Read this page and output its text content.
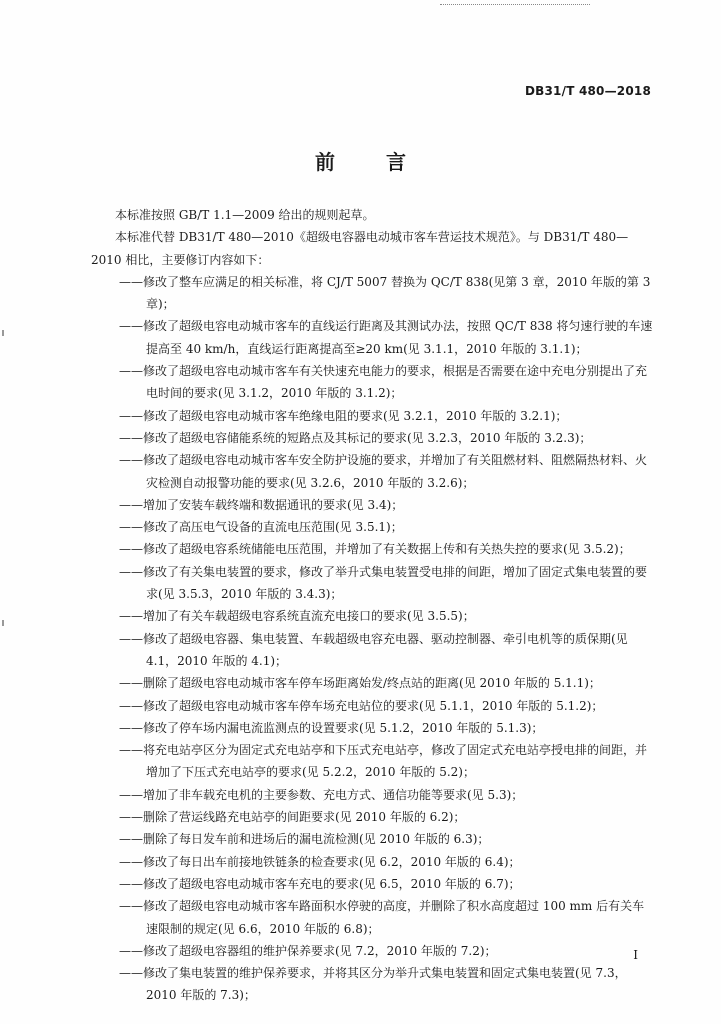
DB31/T 480—2018
前 言

本标准按照 GB/T 1.1—2009 给出的规则起草。

本标准代替 DB31/T 480—2010《超级电容器电动城市客车营运技术规范》。与 DB31/T 480—2010 相比，主要修订内容如下：

——修改了整车应满足的相关标准，将 CJ/T 5007 替换为 QC/T 838(见第 3 章，2010 年版的第 3 章)；

——修改了超级电容电动城市客车的直线运行距离及其测试办法，按照 QC/T 838 将匀速行驶的车速提高至 40 km/h，直线运行距离提高至≥20 km(见 3.1.1，2010 年版的 3.1.1)；

——修改了超级电容电动城市客车有关快速充电能力的要求，根据是否需要在途中充电分别提出了充电时间的要求(见 3.1.2，2010 年版的 3.1.2)；

——修改了超级电容电动城市客车绝缘电阻的要求(见 3.2.1，2010 年版的 3.2.1)；

——修改了超级电容储能系统的短路点及其标记的要求(见 3.2.3，2010 年版的 3.2.3)；

——修改了超级电容电动城市客车安全防护设施的要求，并增加了有关阻燃材料、阻燃隔热材料、火灾检测自动报警功能的要求(见 3.2.6，2010 年版的 3.2.6)；

——增加了安装车载终端和数据通讯的要求(见 3.4)；

——修改了高压电气设备的直流电压范围(见 3.5.1)；

——修改了超级电容系统储能电压范围，并增加了有关数据上传和有关热失控的要求(见 3.5.2)；

——修改了有关集电装置的要求，修改了举升式集电装置受电排的间距，增加了固定式集电装置的要求(见 3.5.3，2010 年版的 3.4.3)；

——增加了有关车载超级电容系统直流充电接口的要求(见 3.5.5)；

——修改了超级电容器、集电装置、车载超级电容充电器、驱动控制器、牵引电机等的质保期(见 4.1，2010 年版的 4.1)；

——删除了超级电容电动城市客车停车场距离始发/终点站的距离(见 2010 年版的 5.1.1)；

——修改了超级电容电动城市客车停车场充电站位的要求(见 5.1.1，2010 年版的 5.1.2)；

——修改了停车场内漏电流监测点的设置要求(见 5.1.2，2010 年版的 5.1.3)；

——将充电站亭区分为固定式充电站亭和下压式充电站亭，修改了固定式充电站亭授电排的间距，并增加了下压式充电站亭的要求(见 5.2.2，2010 年版的 5.2)；

——增加了非车载充电机的主要参数、充电方式、通信功能等要求(见 5.3)；

——删除了营运线路充电站亭的间距要求(见 2010 年版的 6.2)；

——删除了每日发车前和进场后的漏电流检测(见 2010 年版的 6.3)；

——修改了每日出车前接地铁链条的检查要求(见 6.2，2010 年版的 6.4)；

——修改了超级电容电动城市客车充电的要求(见 6.5，2010 年版的 6.7)；

——修改了超级电容电动城市客车路面积水停驶的高度，并删除了积水高度超过 100 mm 后有关车速限制的规定(见 6.6，2010 年版的 6.8)；

——修改了超级电容器组的维护保养要求(见 7.2，2010 年版的 7.2)；

——修改了集电装置的维护保养要求，并将其区分为举升式集电装置和固定式集电装置(见 7.3，2010 年版的 7.3)；

I
